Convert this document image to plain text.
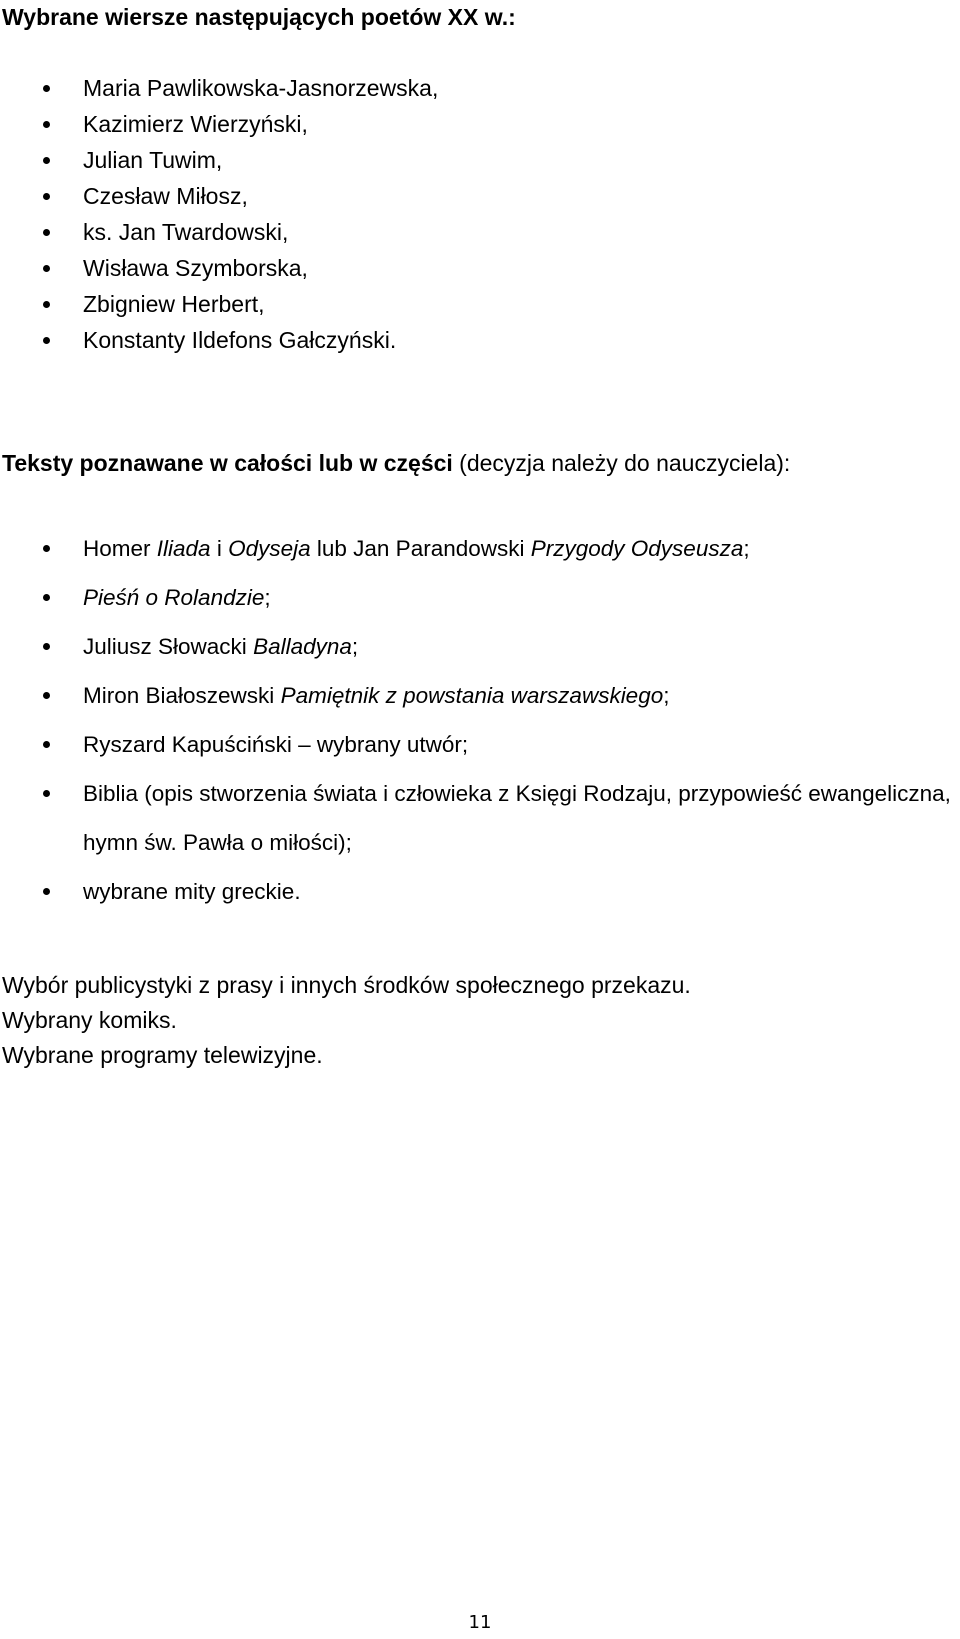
Wybrane wiersze następujących poetów XX w.:
Maria Pawlikowska-Jasnorzewska,
Kazimierz Wierzyński,
Julian Tuwim,
Czesław Miłosz,
ks. Jan Twardowski,
Wisława Szymborska,
Zbigniew Herbert,
Konstanty Ildefons Gałczyński.
Teksty poznawane w całości lub w części (decyzja należy do nauczyciela):
Homer Iliada i Odyseja lub Jan Parandowski Przygody Odyseusza;
Pieśń o Rolandzie;
Juliusz Słowacki Balladyna;
Miron Białoszewski Pamiętnik z powstania warszawskiego;
Ryszard Kapuściński – wybrany utwór;
Biblia (opis stworzenia świata i człowieka z Księgi Rodzaju, przypowieść ewangeliczna, hymn św. Pawła o miłości);
wybrane mity greckie.
Wybór publicystyki z prasy i innych środków społecznego przekazu.
Wybrany komiks.
Wybrane programy telewizyjne.
11
